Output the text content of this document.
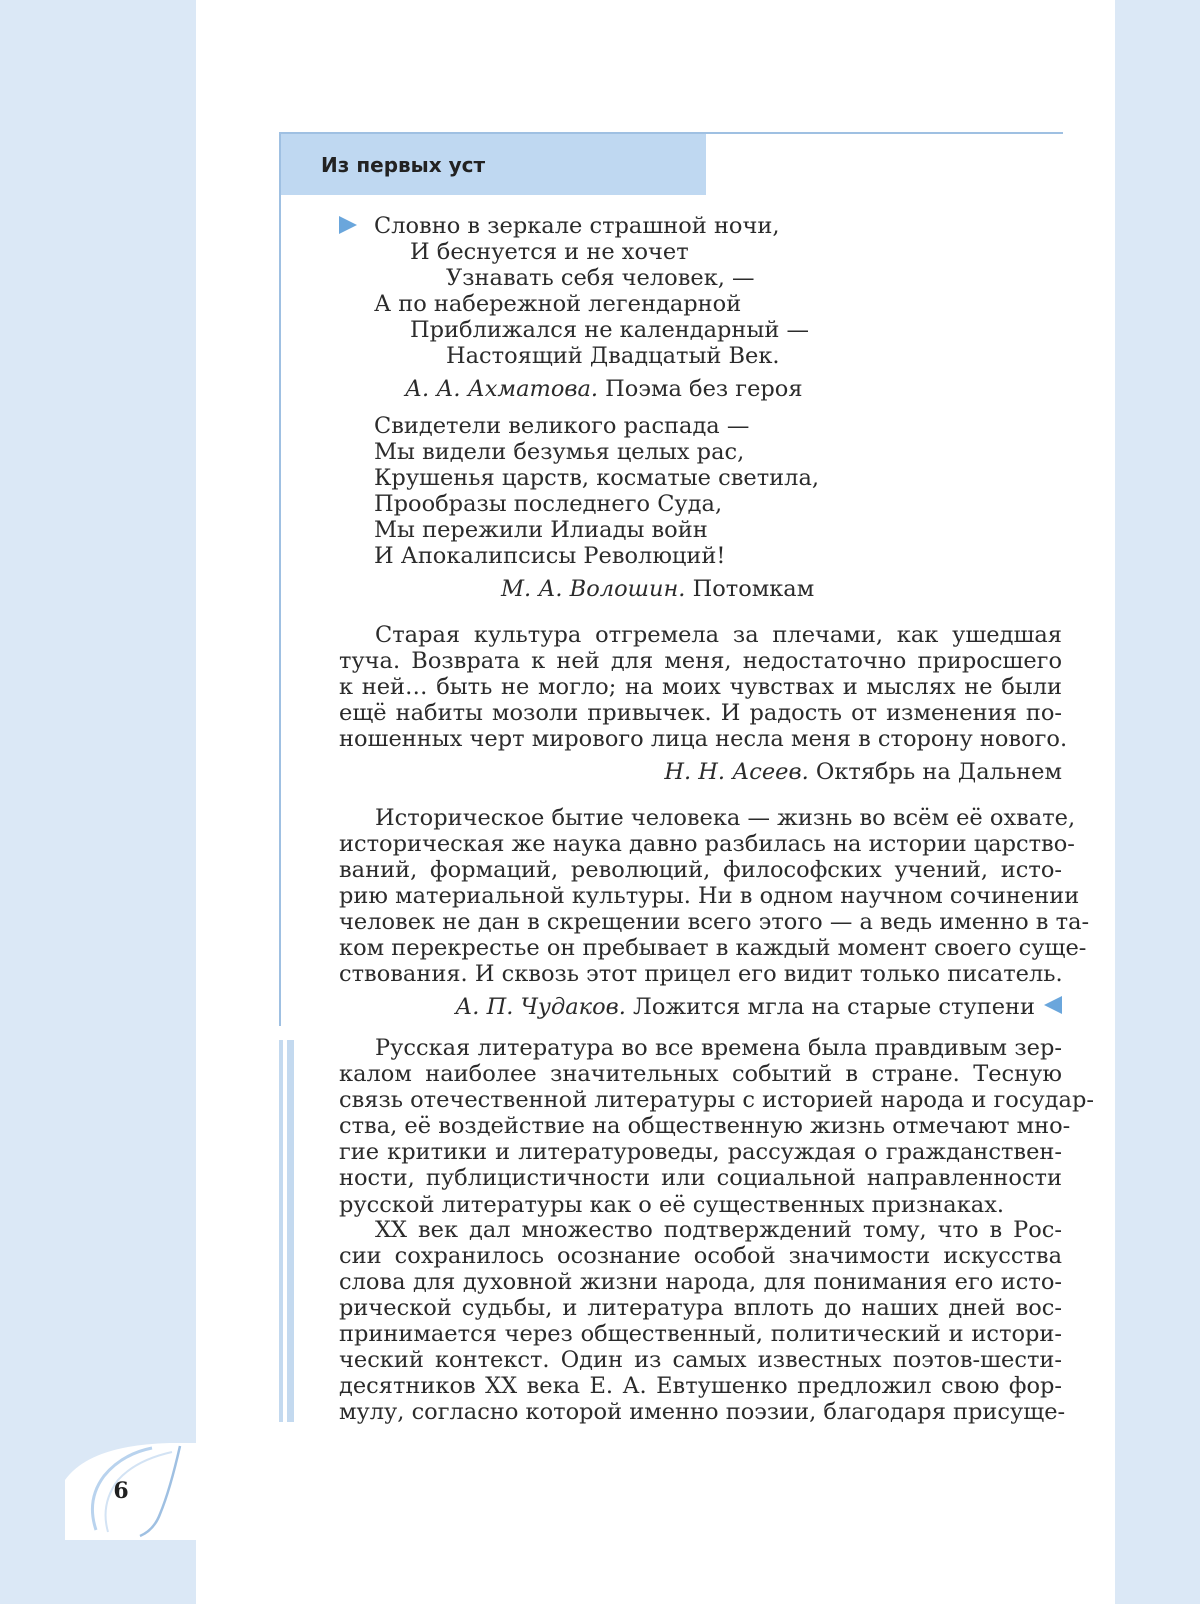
Из первых уст
Словно в зеркале страшной ночи,
И беснуется и не хочет
Узнавать себя человек, —
А по набережной легендарной
Приближался не календарный —
Настоящий Двадцатый Век.
А. А. Ахматова. Поэма без героя
Свидетели великого распада —
Мы видели безумья целых рас,
Крушенья царств, косматые светила,
Прообразы последнего Суда,
Мы пережили Илиады войн
И Апокалипсисы Революций!
М. А. Волошин. Потомкам
Старая культура отгремела за плечами, как ушедшая
туча. Возврата к ней для меня, недостаточно приросшего
к ней… быть не могло; на моих чувствах и мыслях не были
ещё набиты мозоли привычек. И радость от изменения по-
ношенных черт мирового лица несла меня в сторону нового.
Н. Н. Асеев. Октябрь на Дальнем
Историческое бытие человека — жизнь во всём её охвате,
историческая же наука давно разбилась на истории царство-
ваний, формаций, революций, философских учений, исто-
рию материальной культуры. Ни в одном научном сочинении
человек не дан в скрещении всего этого — а ведь именно в та-
ком перекрестье он пребывает в каждый момент своего суще-
ствования. И сквозь этот прицел его видит только писатель.
А. П. Чудаков. Ложится мгла на старые ступени
Русская литература во все времена была правдивым зер-
калом наиболее значительных событий в стране. Тесную
связь отечественной литературы с историей народа и государ-
ства, её воздействие на общественную жизнь отмечают мно-
гие критики и литературоведы, рассуждая о гражданствен-
ности, публицистичности или социальной направленности
русской литературы как о её существенных признаках.
XX век дал множество подтверждений тому, что в Рос-
сии сохранилось осознание особой значимости искусства
слова для духовной жизни народа, для понимания его исто-
рической судьбы, и литература вплоть до наших дней вос-
принимается через общественный, политический и истори-
ческий контекст. Один из самых известных поэтов-шести-
десятников XX века Е. А. Евтушенко предложил свою фор-
мулу, согласно которой именно поэзии, благодаря присуще-
6
